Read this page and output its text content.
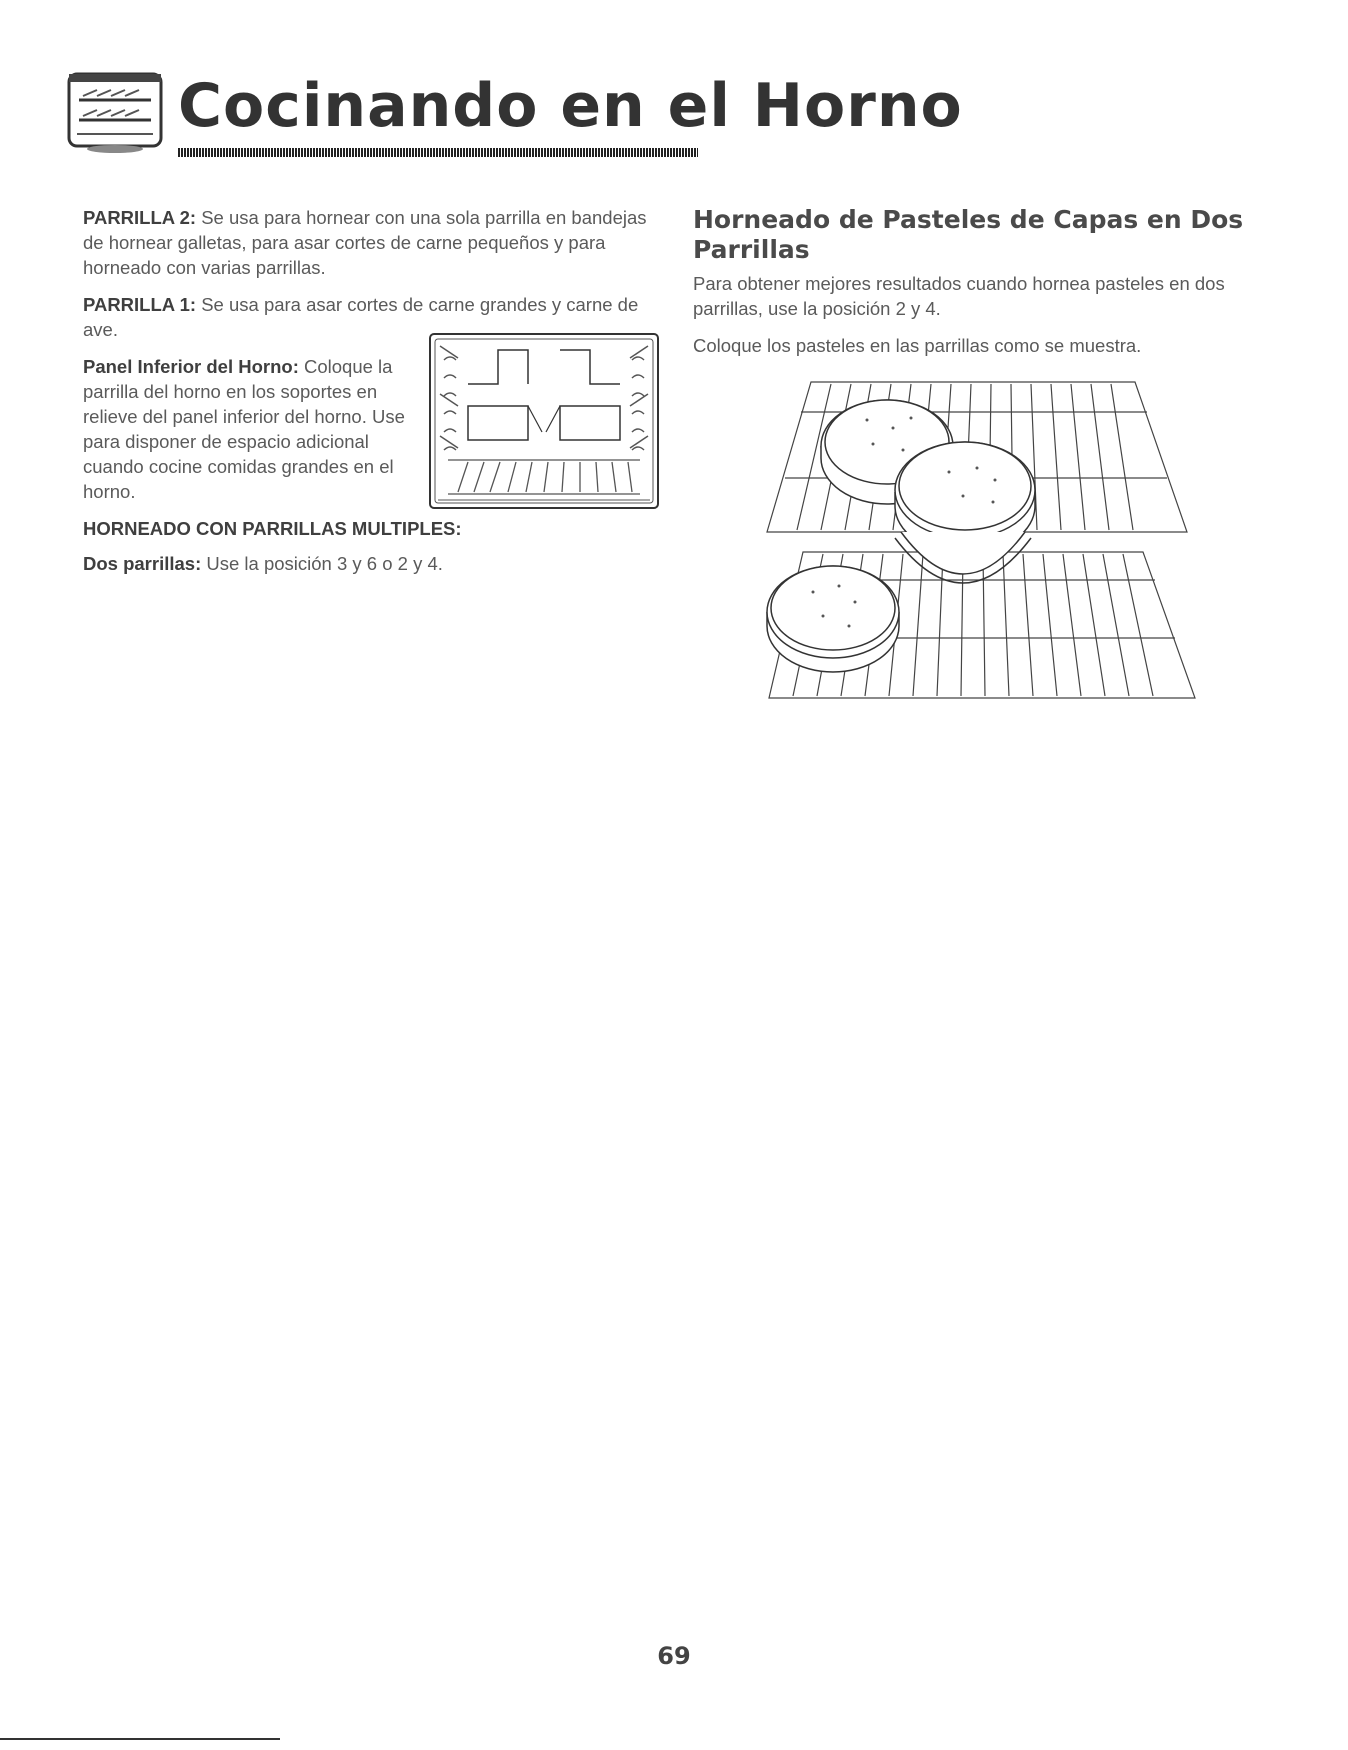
Cocinando en el Horno

PARRILLA 2: Se usa para hornear con una sola parrilla en bandejas de hornear galletas, para asar cortes de carne pequeños y para horneado con varias parrillas.

PARRILLA 1: Se usa para asar cortes de carne grandes y carne de ave.

Panel Inferior del Horno: Coloque la parrilla del horno en los soportes en relieve del panel inferior del horno. Use para disponer de espacio adicional cuando cocine comidas grandes en el horno.

HORNEADO CON PARRILLAS MULTIPLES:

Dos parrillas: Use la posición 3 y 6 o 2 y 4.

Horneado de Pasteles de Capas en Dos Parrillas

Para obtener mejores resultados cuando hornea pasteles en dos parrillas, use la posición 2 y 4.

Coloque los pasteles en las parrillas como se muestra.

69
